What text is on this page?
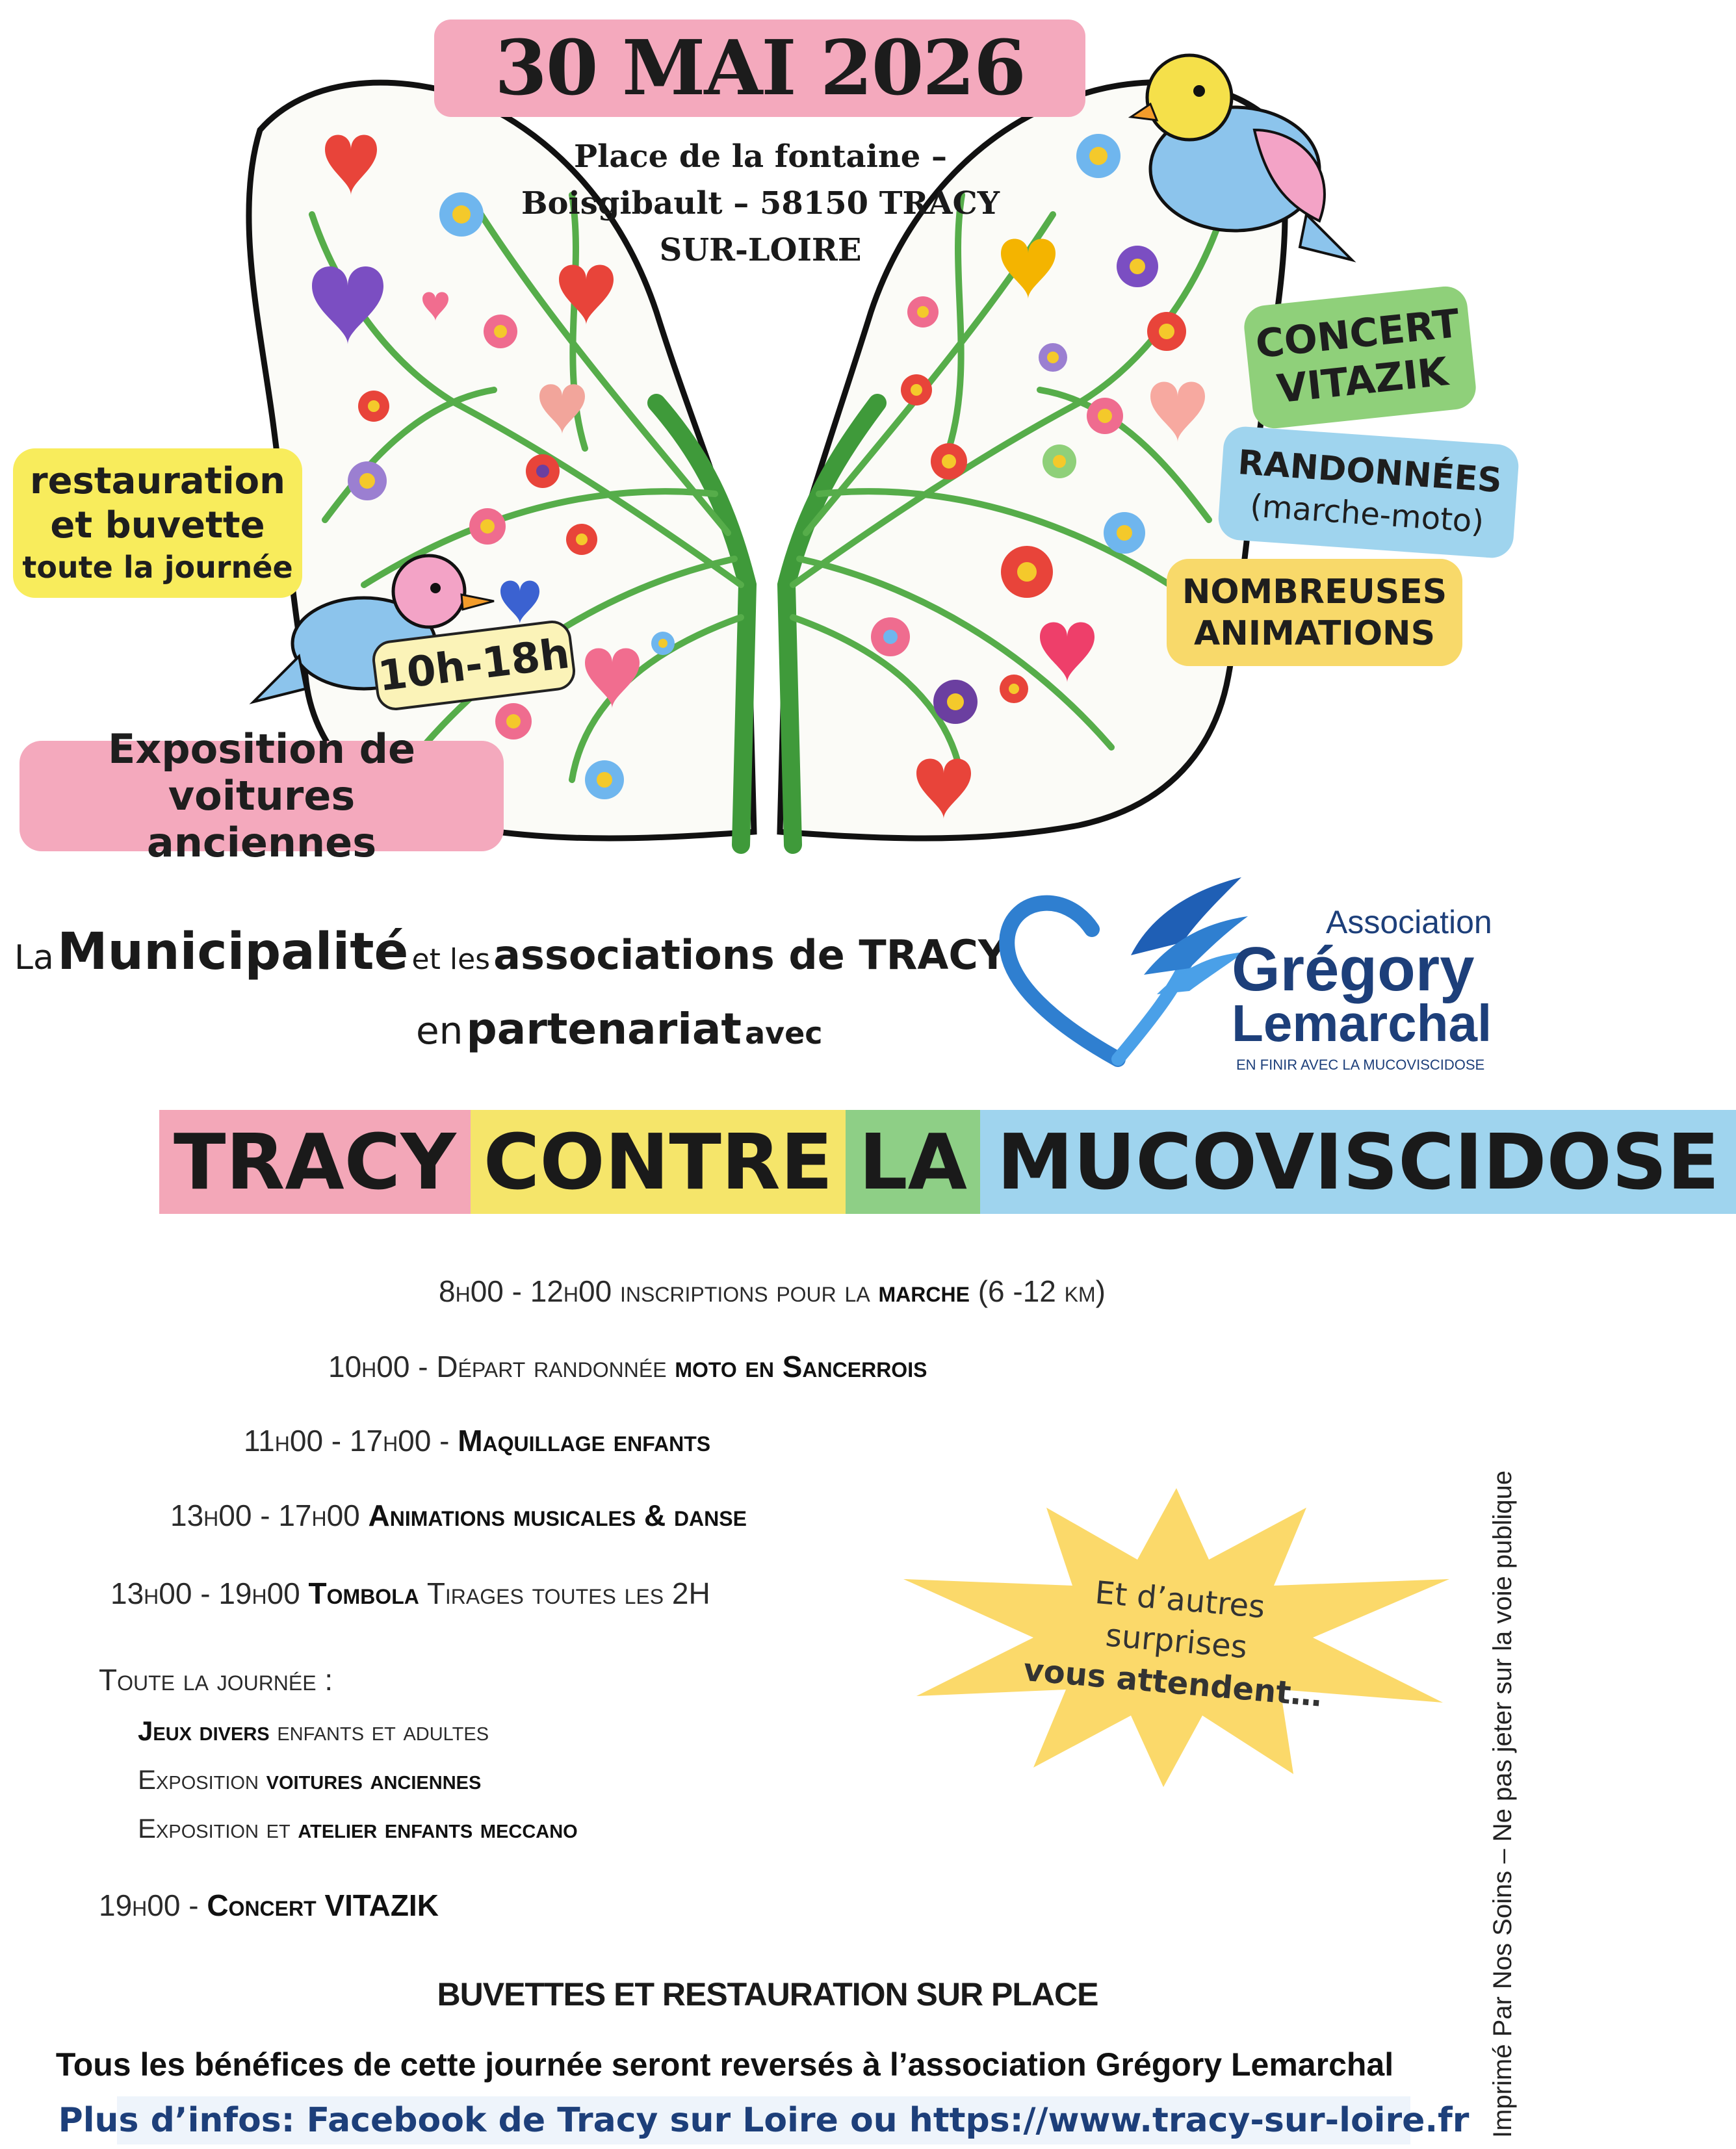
30 MAI 2026
Place de la fontaine –
Boisgibault – 58150 TRACY
SUR-LOIRE
restauration
et buvette
toute la journée
10h-18h
Exposition de voitures
anciennes
CONCERT
VITAZIK
RANDONNÉES
(marche-moto)
NOMBREUSES
ANIMATIONS
La Municipalité et les associations de TRACY
en partenariat avec
Association
Grégory
Lemarchal
EN FINIR AVEC LA MUCOVISCIDOSE
TRACY CONTRE LA MUCOVISCIDOSE
8h00 - 12h00 inscriptions pour la marche (6 -12 km)
10h00 - Départ randonnée moto en Sancerrois
11h00 - 17h00 - Maquillage enfants
13h00 - 17h00 Animations musicales & danse
13h00 - 19h00 Tombola Tirages toutes les 2H
Toute la journée :
Jeux divers enfants et adultes
Exposition voitures anciennes
Exposition et atelier enfants meccano
19h00 - Concert VITAZIK
Et d’autres
surprises
vous attendent…
BUVETTES ET RESTAURATION SUR PLACE
Tous les bénéfices de cette journée seront reversés à l’association Grégory Lemarchal
Plus d’infos: Facebook de Tracy sur Loire ou https://www.tracy-sur-loire.fr Imprimé Par Nos Soins – Ne pas jeter sur la voie publique
